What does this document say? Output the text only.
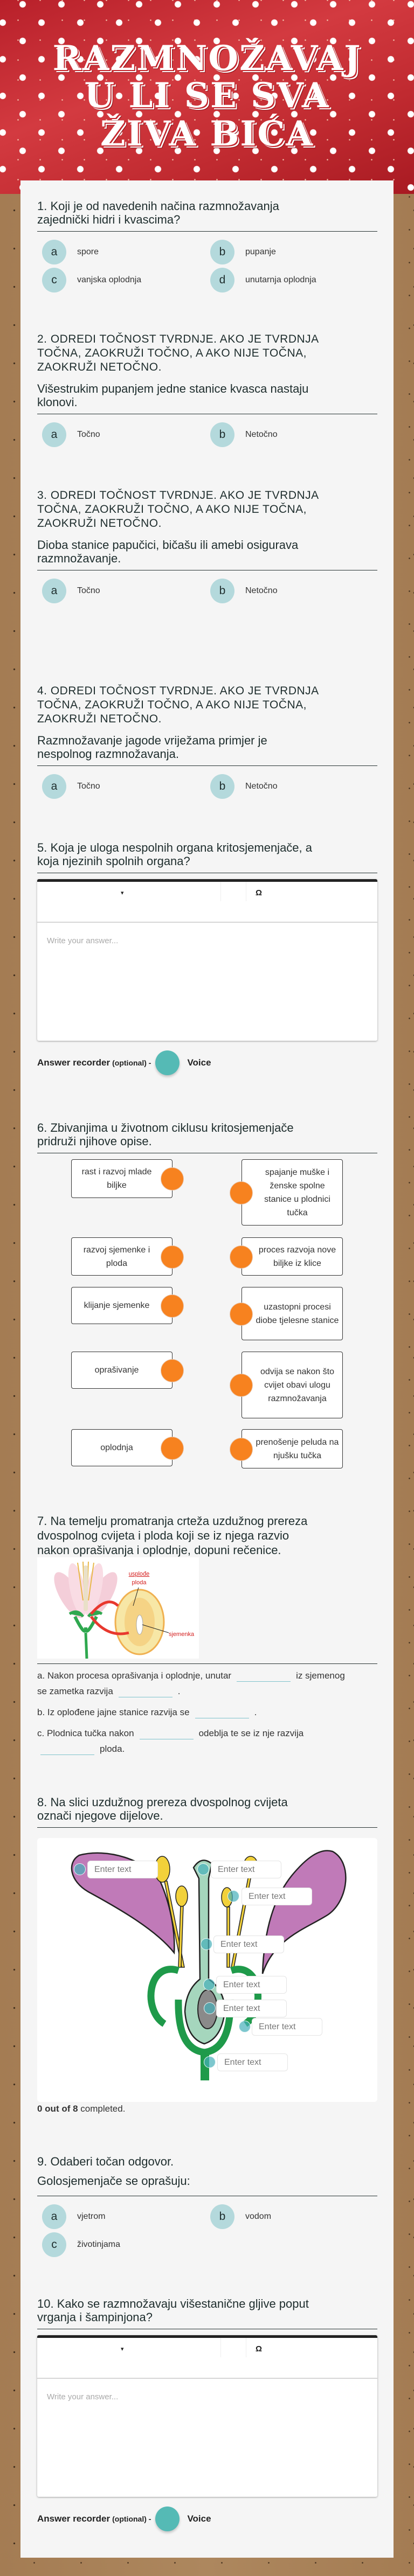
RAZMNOŽAVAJ
U LI SE SVA
ŽIVA BIĆA
1. Koji je od navedenih načina razmnožavanja
zajednički hidri i kvascima?
a	spore	b	pupanje
c	vanjska oplodnja	d	unutarnja oplodnja
2. ODREDI TOČNOST TVRDNJE. AKO JE TVRDNJA
TOČNA, ZAOKRUŽI TOČNO, A AKO NIJE TOČNA,
ZAOKRUŽI NETOČNO.
Višestrukim pupanjem jedne stanice kvasca nastaju
klonovi.
a	Točno	b	Netočno
3. ODREDI TOČNOST TVRDNJE. AKO JE TVRDNJA
TOČNA, ZAOKRUŽI TOČNO, A AKO NIJE TOČNA,
ZAOKRUŽI NETOČNO.
Dioba stanice papučici, bičašu ili amebi osigurava
razmnožavanje.
a	Točno	b	Netočno
4. ODREDI TOČNOST TVRDNJE. AKO JE TVRDNJA
TOČNA, ZAOKRUŽI TOČNO, A AKO NIJE TOČNA,
ZAOKRUŽI NETOČNO.
Razmnožavanje jagode vriježama primjer je
nespolnog razmnožavanja.
a	Točno	b	Netočno
5. Koja je uloga nespolnih organa kritosjemenjače, a
koja njezinih spolnih organa?
▾	Ω
Write your answer...
Answer recorder (optional) -	Voice
6. Zbivanjima u životnom ciklusu kritosjemenjače
pridruži njihove opise.
rast i razvoj mlade biljke
razvoj sjemenke i ploda
klijanje sjemenke
oprašivanje
oplodnja
spajanje muške i ženske spolne stanice u plodnici tučka
proces razvoja nove biljke iz klice
uzastopni procesi diobe tjelesne stanice
odvija se nakon što cvijet obavi ulogu razmnožavanja
prenošenje peluda na njušku tučka
7. Na temelju promatranja crteža uzdužnog prereza
dvospolnog cvijeta i ploda koji se iz njega razvio
nakon oprašivanja i oplodnje, dopuni rečenice.
usplođe
ploda
sjemenka

a. Nakon procesa oprašivanja i oplodnje, unutar	iz sjemenog
se zametka razvija	.

b. Iz oplođene jajne stanice razvija se	.

c. Plodnica tučka nakon	odeblja te se iz nje razvija
ploda.

8. Na slici uzdužnog prereza dvospolnog cvijeta
označi njegove dijelove.
Enter text	Enter text
Enter text
Enter text
Enter text
Enter text
Enter text
Enter text
0 out of 8 completed.
9. Odaberi točan odgovor.
Golosjemenjače se oprašuju:
a	vjetrom	b	vodom
c	životinjama
10. Kako se razmnožavaju višestanične gljive poput
vrganja i šampinjona?
▾	Ω
Write your answer...
Answer recorder (optional) -	Voice
